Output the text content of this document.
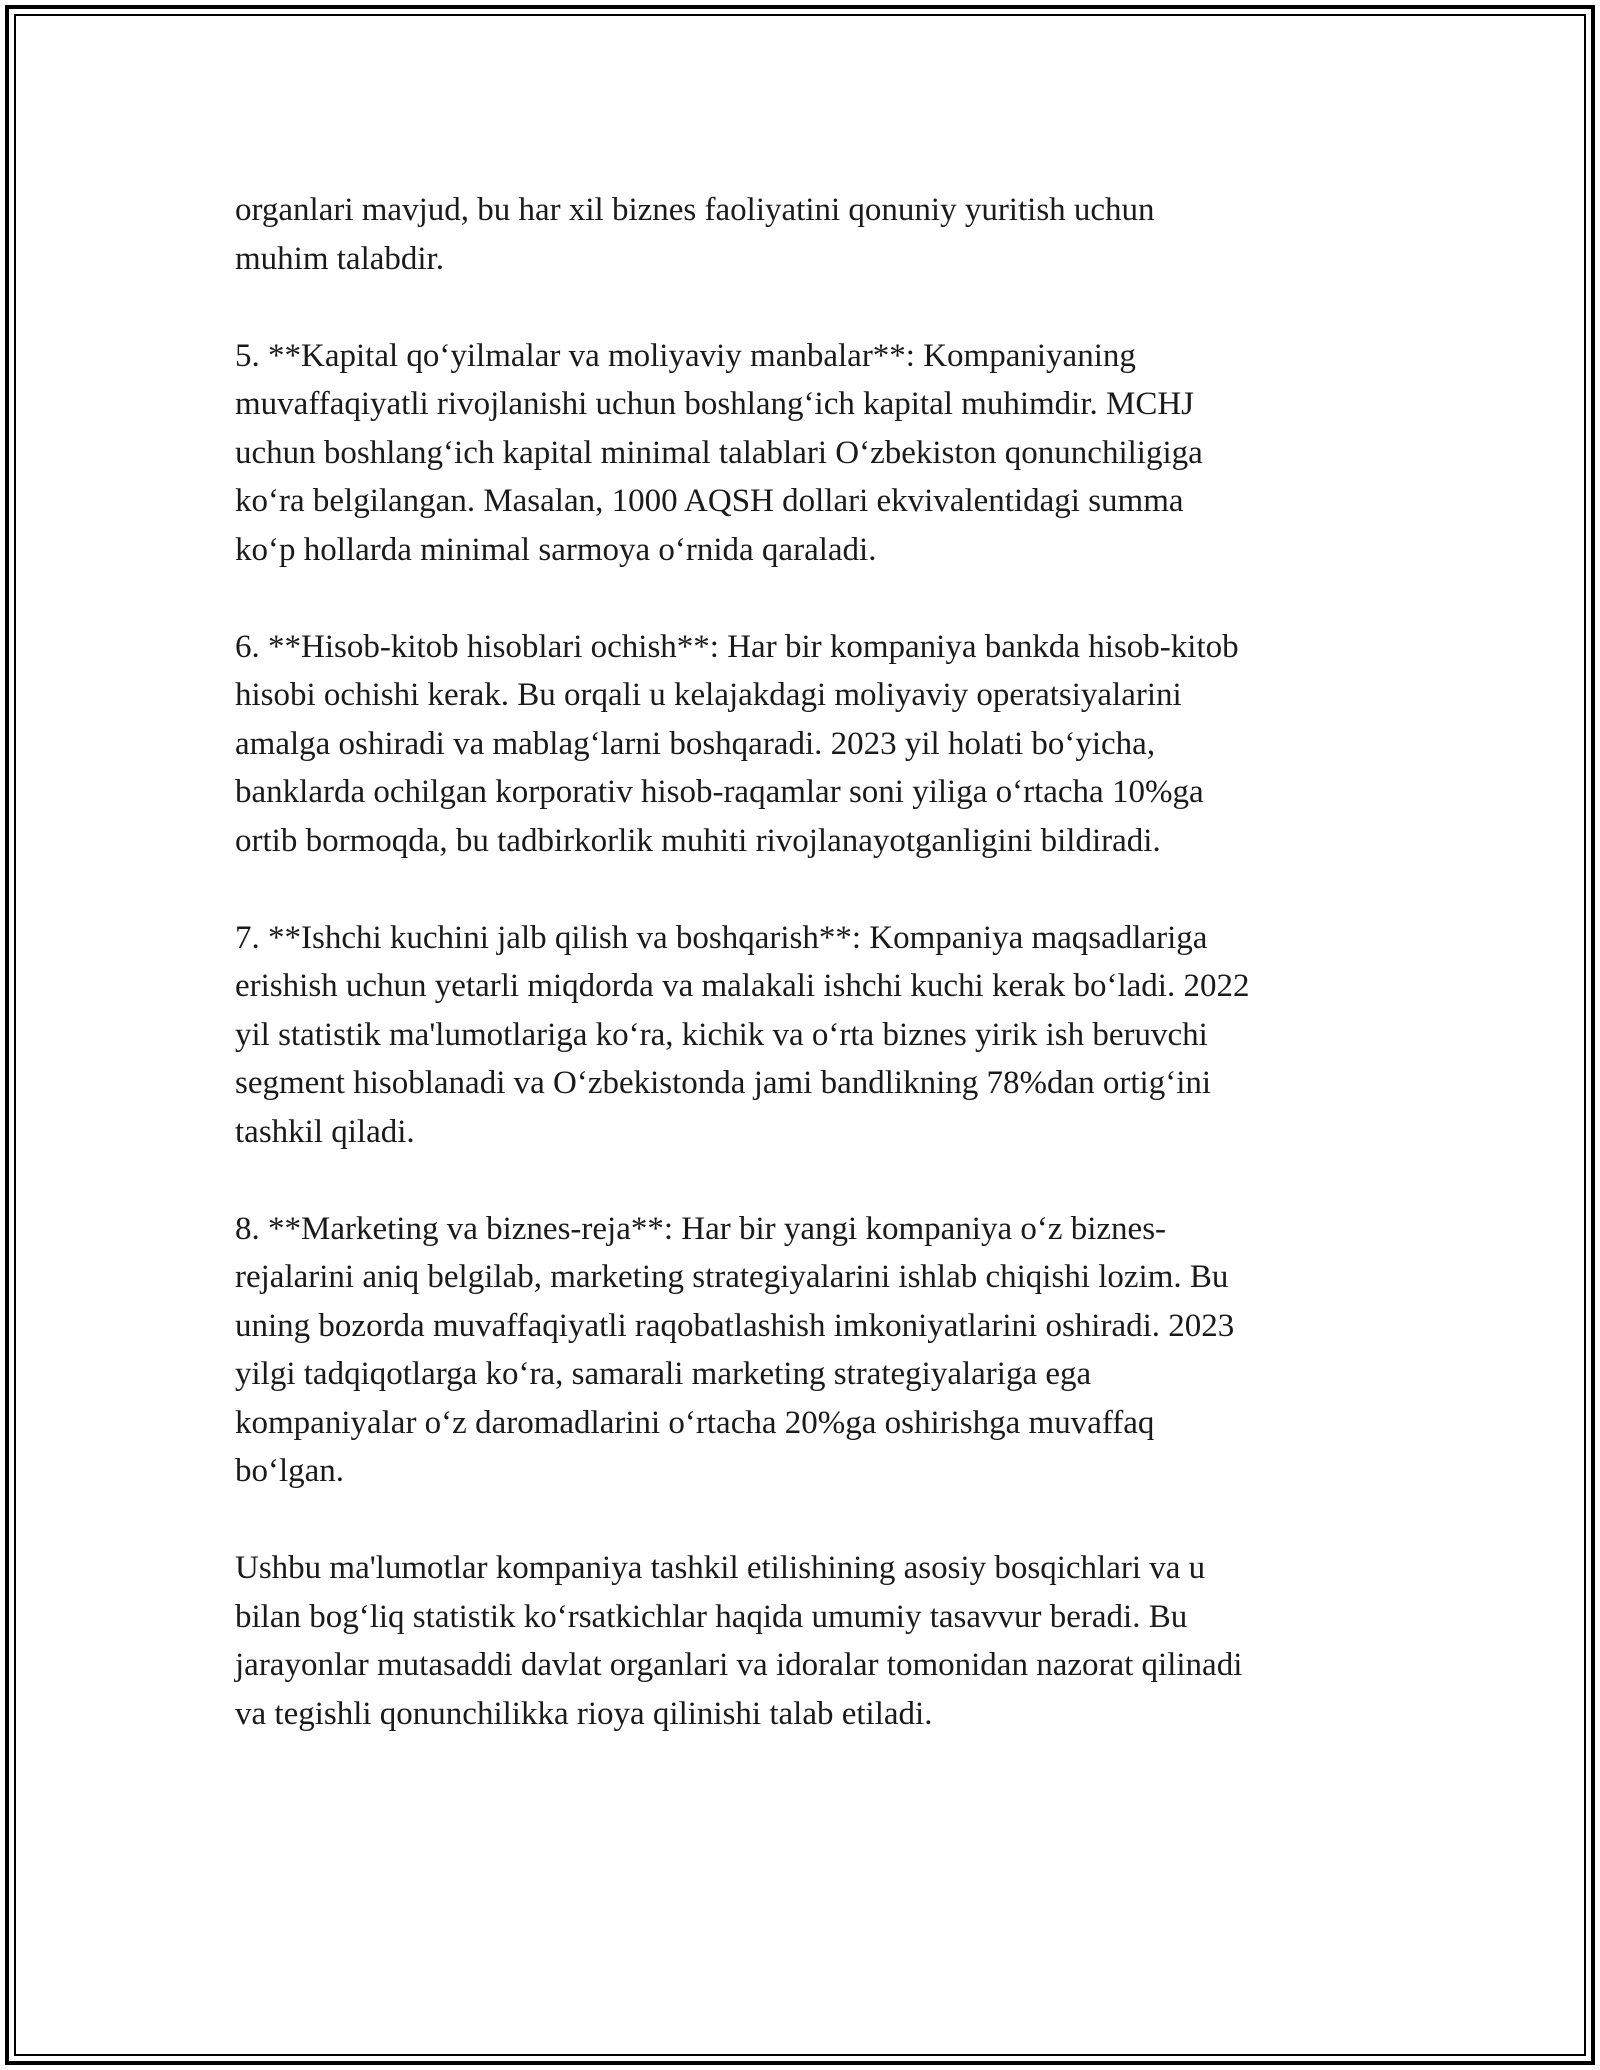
organlari mavjud, bu har xil biznes faoliyatini qonuniy yuritish uchun
muhim talabdir.

5. **Kapital qo‘yilmalar va moliyaviy manbalar**: Kompaniyaning
muvaffaqiyatli rivojlanishi uchun boshlang‘ich kapital muhimdir. MCHJ
uchun boshlang‘ich kapital minimal talablari O‘zbekiston qonunchiligiga
ko‘ra belgilangan. Masalan, 1000 AQSH dollari ekvivalentidagi summa
ko‘p hollarda minimal sarmoya o‘rnida qaraladi.

6. **Hisob-kitob hisoblari ochish**: Har bir kompaniya bankda hisob-kitob
hisobi ochishi kerak. Bu orqali u kelajakdagi moliyaviy operatsiyalarini
amalga oshiradi va mablag‘larni boshqaradi. 2023 yil holati bo‘yicha,
banklarda ochilgan korporativ hisob-raqamlar soni yiliga o‘rtacha 10%ga
ortib bormoqda, bu tadbirkorlik muhiti rivojlanayotganligini bildiradi.

7. **Ishchi kuchini jalb qilish va boshqarish**: Kompaniya maqsadlariga
erishish uchun yetarli miqdorda va malakali ishchi kuchi kerak bo‘ladi. 2022
yil statistik ma'lumotlariga ko‘ra, kichik va o‘rta biznes yirik ish beruvchi
segment hisoblanadi va O‘zbekistonda jami bandlikning 78%dan ortig‘ini
tashkil qiladi.

8. **Marketing va biznes-reja**: Har bir yangi kompaniya o‘z biznes-
rejalarini aniq belgilab, marketing strategiyalarini ishlab chiqishi lozim. Bu
uning bozorda muvaffaqiyatli raqobatlashish imkoniyatlarini oshiradi. 2023
yilgi tadqiqotlarga ko‘ra, samarali marketing strategiyalariga ega
kompaniyalar o‘z daromadlarini o‘rtacha 20%ga oshirishga muvaffaq
bo‘lgan.

Ushbu ma'lumotlar kompaniya tashkil etilishining asosiy bosqichlari va u
bilan bog‘liq statistik ko‘rsatkichlar haqida umumiy tasavvur beradi. Bu
jarayonlar mutasaddi davlat organlari va idoralar tomonidan nazorat qilinadi
va tegishli qonunchilikka rioya qilinishi talab etiladi.
